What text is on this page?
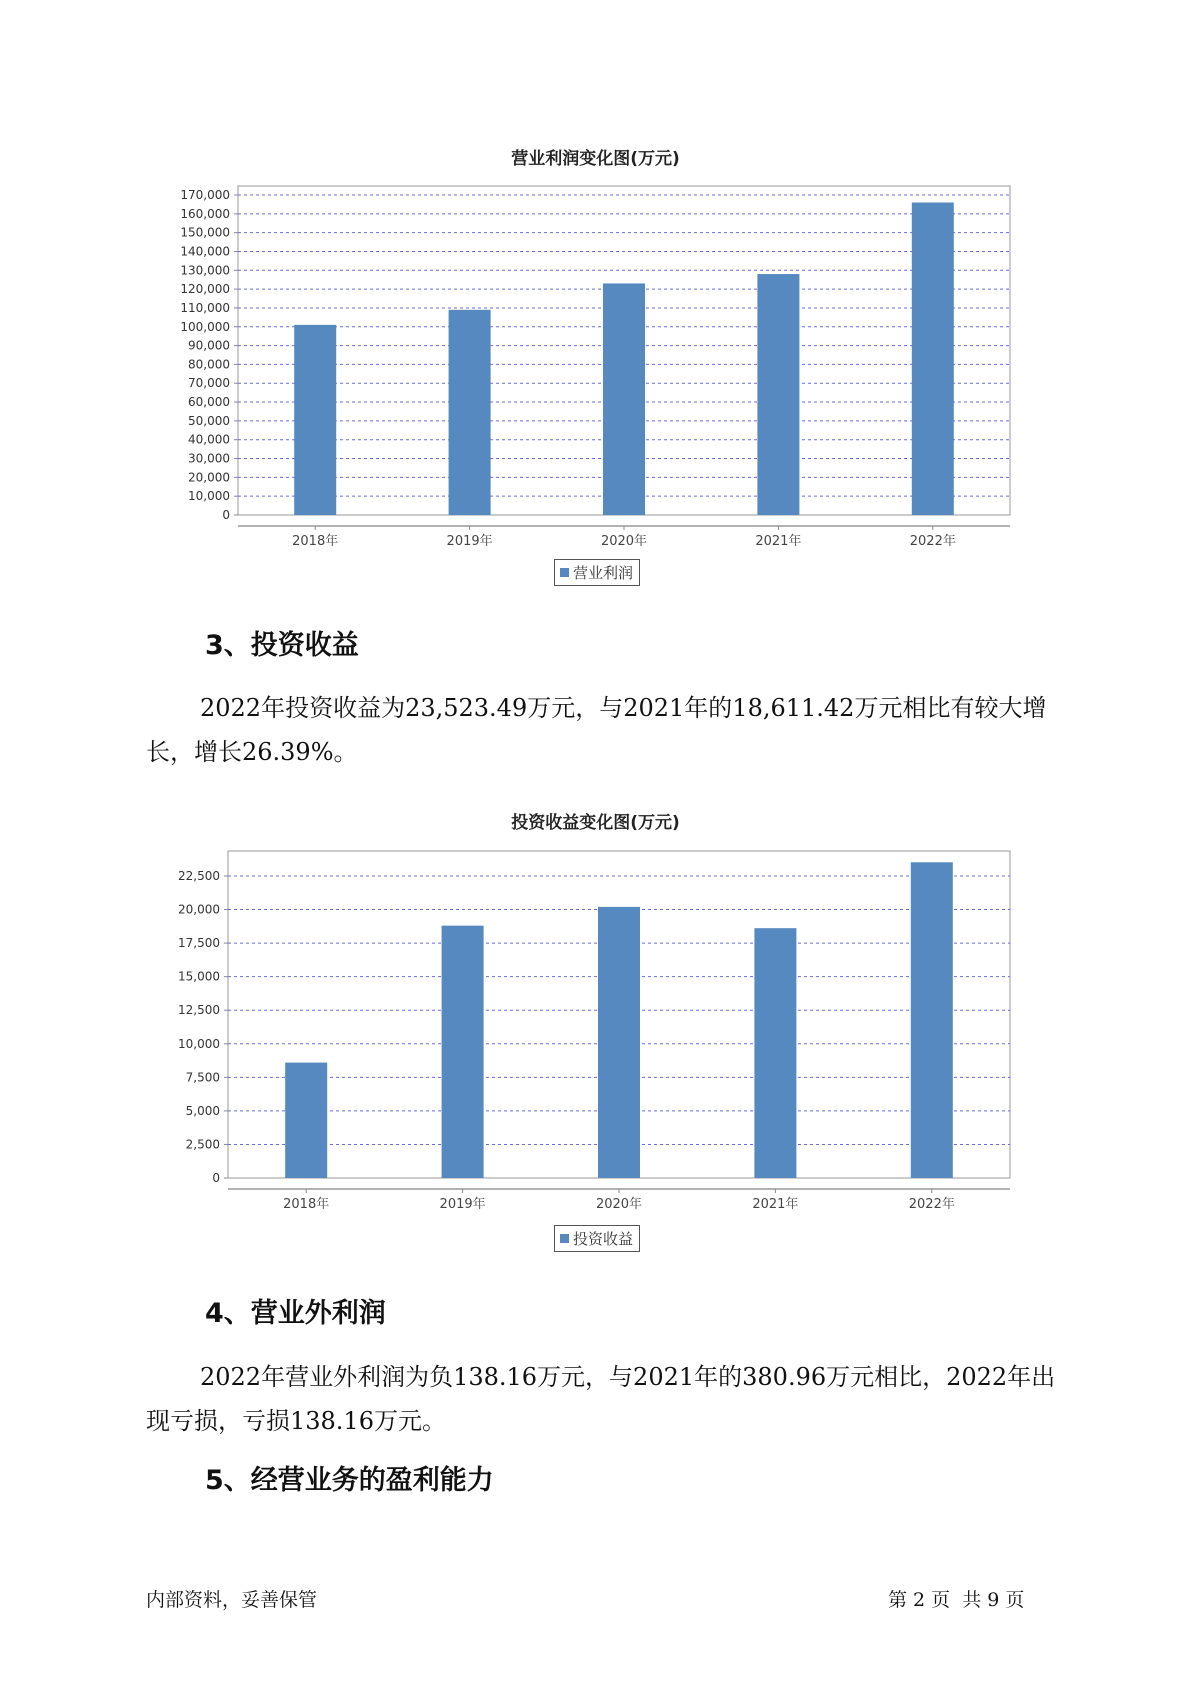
营业利润变化图(万元)
0
10,000
20,000
30,000
40,000
50,000
60,000
70,000
80,000
90,000
100,000
110,000
120,000
130,000
140,000
150,000
160,000
170,000
2018年	2019年	2020年	2021年	2022年
营业利润
3、投资收益

2022年投资收益为23,523.49万元，与2021年的18,611.42万元相比有较大增长，增长26.39%。

投资收益变化图(万元)
0
2,500
5,000
7,500
10,000
12,500
15,000
17,500
20,000
22,500
2018年	2019年	2020年	2021年	2022年
投资收益
4、营业外利润

2022年营业外利润为负138.16万元，与2021年的380.96万元相比，2022年出现亏损，亏损138.16万元。

5、经营业务的盈利能力
内部资料，妥善保管	第 2 页  共 9 页
